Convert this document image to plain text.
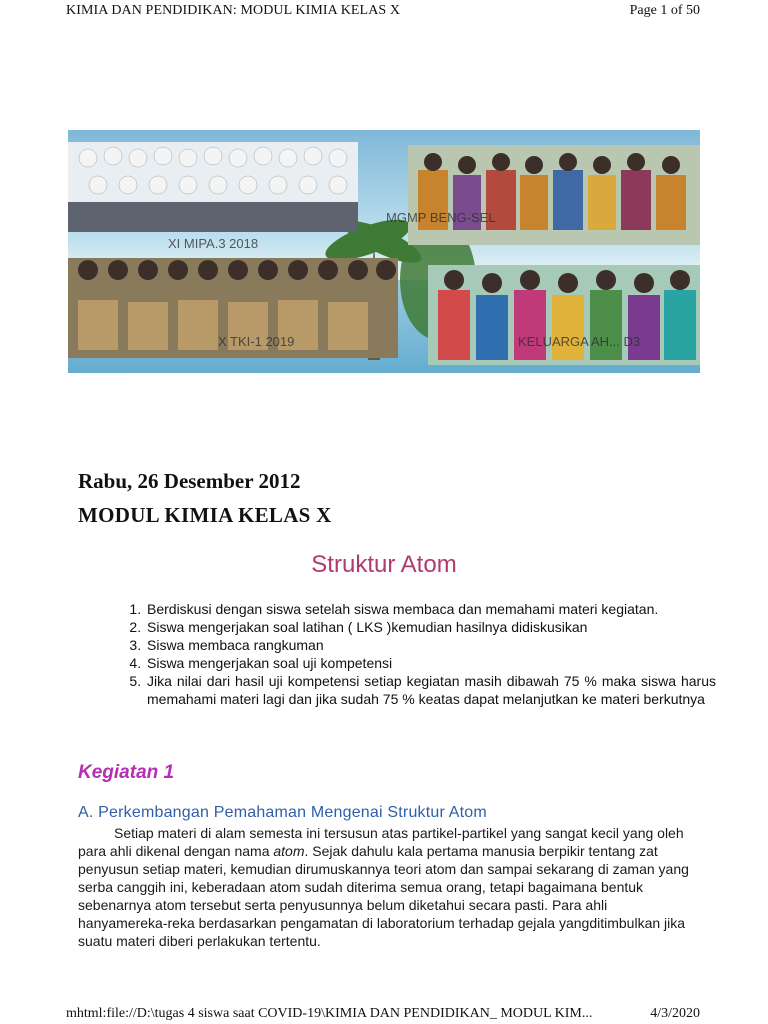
KIMIA DAN PENDIDIKAN: MODUL KIMIA KELAS X	Page 1 of 50
XI MIPA.3 2018
MGMP BENG-SEL
X TKI-1 2019	KELUARGA AH... D3
Rabu, 26 Desember 2012
MODUL KIMIA KELAS X
Struktur Atom
1. Berdiskusi dengan siswa setelah siswa membaca dan memahami materi kegiatan.
2. Siswa mengerjakan soal latihan ( LKS )kemudian hasilnya didiskusikan
3. Siswa membaca rangkuman
4. Siswa mengerjakan soal uji kompetensi
5. Jika nilai dari hasil uji kompetensi setiap kegiatan masih dibawah 75 % maka siswa harus memahami materi lagi dan jika sudah 75 % keatas dapat melanjutkan ke materi berkutnya
Kegiatan 1
A. Perkembangan Pemahaman Mengenai Struktur Atom

Setiap materi di alam semesta ini tersusun atas partikel-partikel yang sangat kecil yang oleh para ahli dikenal dengan nama atom. Sejak dahulu kala pertama manusia berpikir tentang zat penyusun setiap materi, kemudian dirumuskannya teori atom dan sampai sekarang di zaman yang serba canggih ini, keberadaan atom sudah diterima semua orang, tetapi bagaimana bentuk sebenarnya atom tersebut serta penyusunnya belum diketahui secara pasti. Para ahli hanyamereka-reka berdasarkan pengamatan di laboratorium terhadap gejala yangditimbulkan jika suatu materi diberi perlakukan tertentu.

mhtml:file://D:\tugas 4 siswa saat COVID-19\KIMIA DAN PENDIDIKAN_ MODUL KIM...	4/3/2020
